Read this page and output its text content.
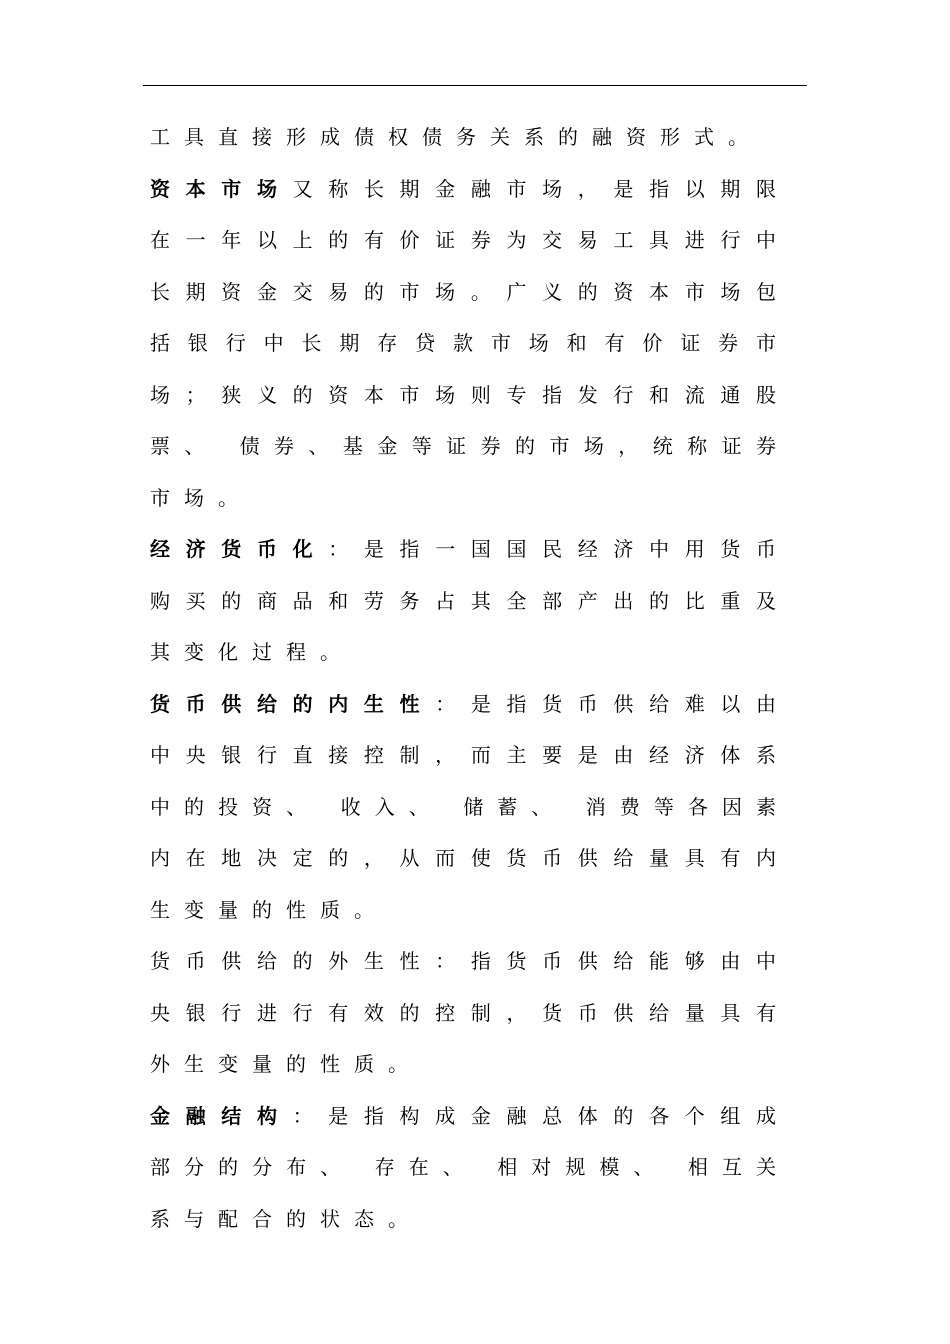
工具直接形成债权债务关系的融资形式。

资本市场又称长期金融市场，是指以期限在一年以上的有价证券为交易工具进行中长期资金交易的市场。广义的资本市场包括银行中长期存贷款市场和有价证券市场；狭义的资本市场则专指发行和流通股票、 债券、基金等证券的市场，统称证券市场。

经济货币化：是指一国国民经济中用货币购买的商品和劳务占其全部产出的比重及其变化过程。

货币供给的内生性：是指货币供给难以由中央银行直接控制，而主要是由经济体系中的投资、 收入、 储蓄、 消费等各因素内在地决定的，从而使货币供给量具有内生变量的性质。

货币供给的外生性：指货币供给能够由中央银行进行有效的控制，货币供给量具有外生变量的性质。

金融结构：是指构成金融总体的各个组成部分的分布、 存在、 相对规模、 相互关系与配合的状态。
